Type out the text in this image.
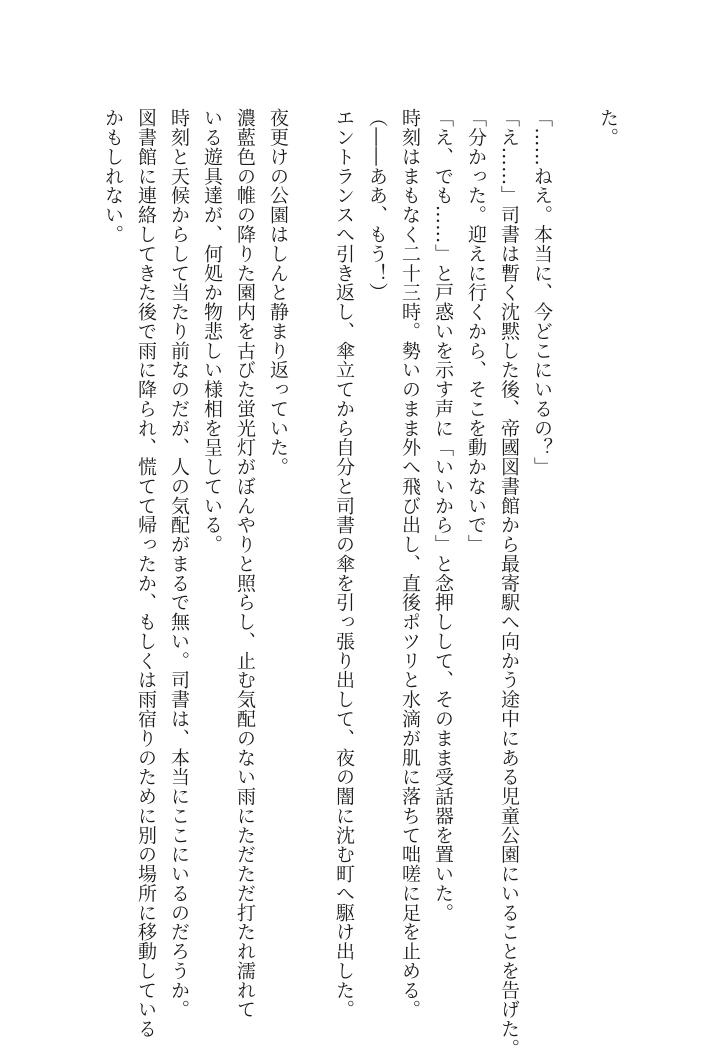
た。
「……ねえ。本当に、今どこにいるの？」
「え……」司書は暫く沈黙した後、帝國図書館から最寄駅へ向かう途中にある児童公園にいることを告げた。
「分かった。迎えに行くから、そこを動かないで」
「え、でも……」と戸惑いを示す声に「いいから」と念押しして、そのまま受話器を置いた。
時刻はまもなく二十三時。勢いのまま外へ飛び出し、直後ポツリと水滴が肌に落ちて咄嗟に足を止める。
（――ああ、もう！）
エントランスへ引き返し、傘立てから自分と司書の傘を引っ張り出して、夜の闇に沈む町へ駆け出した。
夜更けの公園はしんと静まり返っていた。
濃藍色の帷の降りた園内を古びた蛍光灯がぼんやりと照らし、止む気配のない雨にただただ打たれ濡れて
いる遊具達が、何処か物悲しい様相を呈している。
時刻と天候からして当たり前なのだが、人の気配がまるで無い。司書は、本当にここにいるのだろうか。
図書館に連絡してきた後で雨に降られ、慌てて帰ったか、もしくは雨宿りのために別の場所に移動している
かもしれない。
